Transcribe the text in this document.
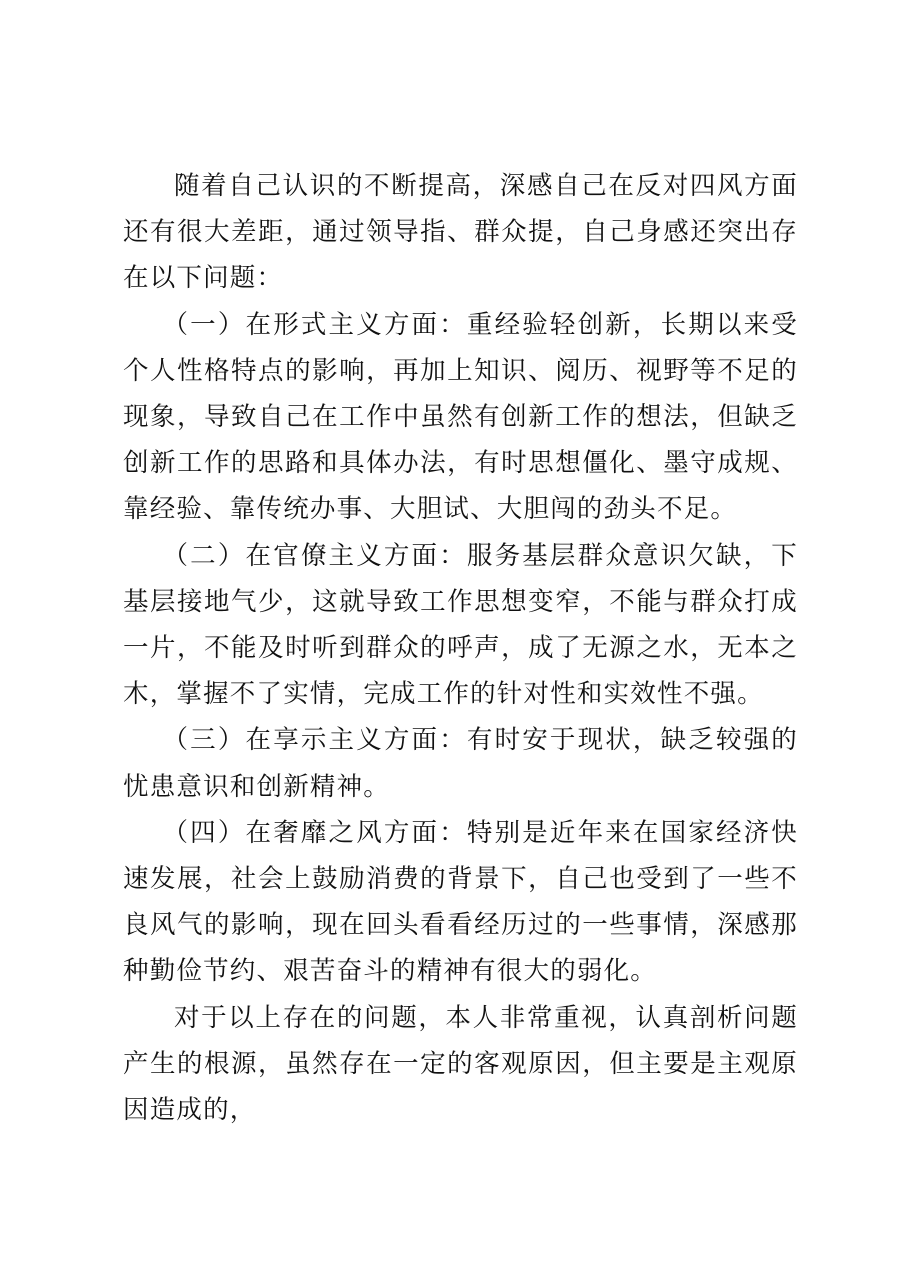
随着自己认识的不断提高，深感自己在反对四风方面还有很大差距，通过领导指、群众提，自己身感还突出存在以下问题：

（一）在形式主义方面：重经验轻创新，长期以来受个人性格特点的影响，再加上知识、阅历、视野等不足的现象，导致自己在工作中虽然有创新工作的想法，但缺乏创新工作的思路和具体办法，有时思想僵化、墨守成规、靠经验、靠传统办事、大胆试、大胆闯的劲头不足。

（二）在官僚主义方面：服务基层群众意识欠缺，下基层接地气少，这就导致工作思想变窄，不能与群众打成一片，不能及时听到群众的呼声，成了无源之水，无本之木，掌握不了实情，完成工作的针对性和实效性不强。

（三）在享示主义方面：有时安于现状，缺乏较强的忧患意识和创新精神。

（四）在奢靡之风方面：特别是近年来在国家经济快速发展，社会上鼓励消费的背景下，自己也受到了一些不良风气的影响，现在回头看看经历过的一些事情，深感那种勤俭节约、艰苦奋斗的精神有很大的弱化。

对于以上存在的问题，本人非常重视，认真剖析问题产生的根源，虽然存在一定的客观原因，但主要是主观原因造成的，
